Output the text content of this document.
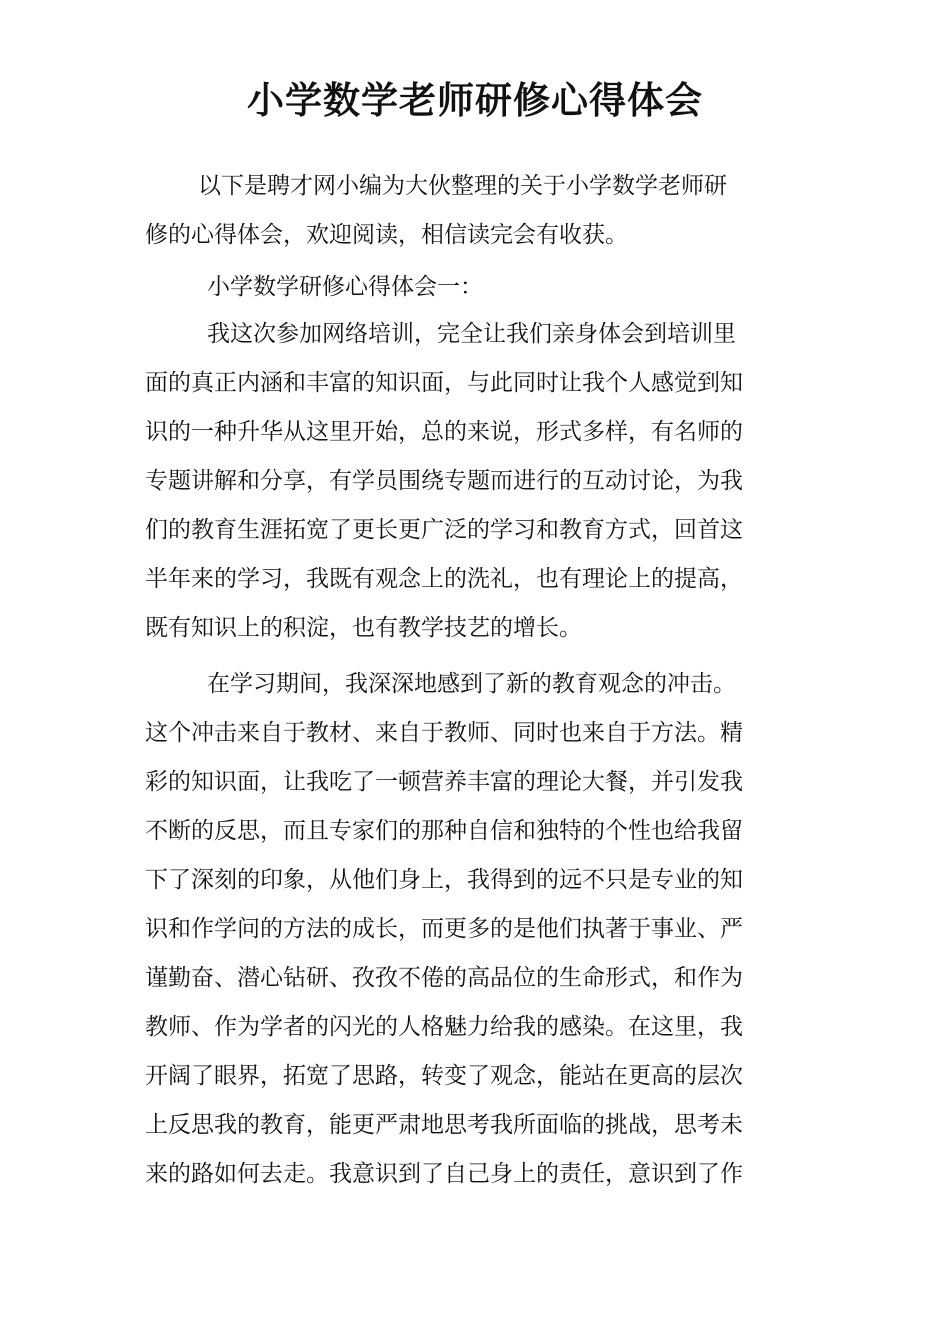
小学数学老师研修心得体会

以下是聘才网小编为大伙整理的关于小学数学老师研
修的心得体会，欢迎阅读，相信读完会有收获。

小学数学研修心得体会一：

我这次参加网络培训，完全让我们亲身体会到培训里
面的真正内涵和丰富的知识面，与此同时让我个人感觉到知
识的一种升华从这里开始，总的来说，形式多样，有名师的
专题讲解和分享，有学员围绕专题而进行的互动讨论，为我
们的教育生涯拓宽了更长更广泛的学习和教育方式，回首这
半年来的学习，我既有观念上的洗礼，也有理论上的提高，
既有知识上的积淀，也有教学技艺的增长。

在学习期间，我深深地感到了新的教育观念的冲击。
这个冲击来自于教材、来自于教师、同时也来自于方法。精
彩的知识面，让我吃了一顿营养丰富的理论大餐，并引发我
不断的反思，而且专家们的那种自信和独特的个性也给我留
下了深刻的印象，从他们身上，我得到的远不只是专业的知
识和作学问的方法的成长，而更多的是他们执著于事业、严
谨勤奋、潜心钻研、孜孜不倦的高品位的生命形式，和作为
教师、作为学者的闪光的人格魅力给我的感染。在这里，我
开阔了眼界，拓宽了思路，转变了观念，能站在更高的层次
上反思我的教育，能更严肃地思考我所面临的挑战，思考未
来的路如何去走。我意识到了自己身上的责任，意识到了作
